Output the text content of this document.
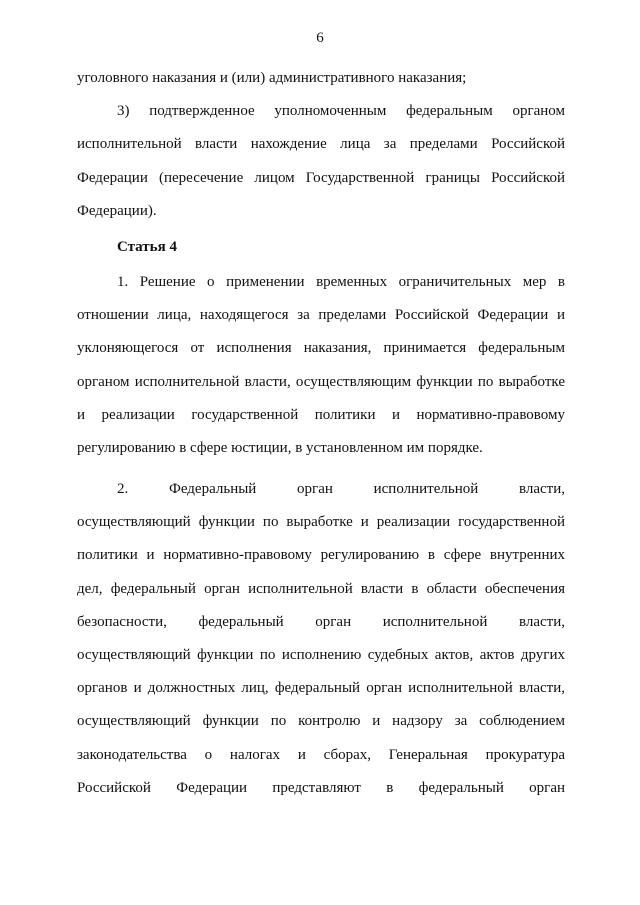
6
уголовного наказания и (или) административного наказания;
3) подтвержденное уполномоченным федеральным органом
исполнительной власти нахождение лица за пределами Российской
Федерации (пересечение лицом Государственной границы Российской
Федерации).
Статья 4
1. Решение о применении временных ограничительных мер в
отношении лица, находящегося за пределами Российской Федерации и
уклоняющегося от исполнения наказания, принимается федеральным
органом исполнительной власти, осуществляющим функции по выработке
и реализации государственной политики и нормативно-правовому
регулированию в сфере юстиции, в установленном им порядке.
2. Федеральный орган исполнительной власти,
осуществляющий функции по выработке и реализации государственной
политики и нормативно-правовому регулированию в сфере внутренних
дел, федеральный орган исполнительной власти в области обеспечения
безопасности, федеральный орган исполнительной власти,
осуществляющий функции по исполнению судебных актов, актов других
органов и должностных лиц, федеральный орган исполнительной власти,
осуществляющий функции по контролю и надзору за соблюдением
законодательства о налогах и сборах, Генеральная прокуратура
Российской Федерации представляют в федеральный орган
